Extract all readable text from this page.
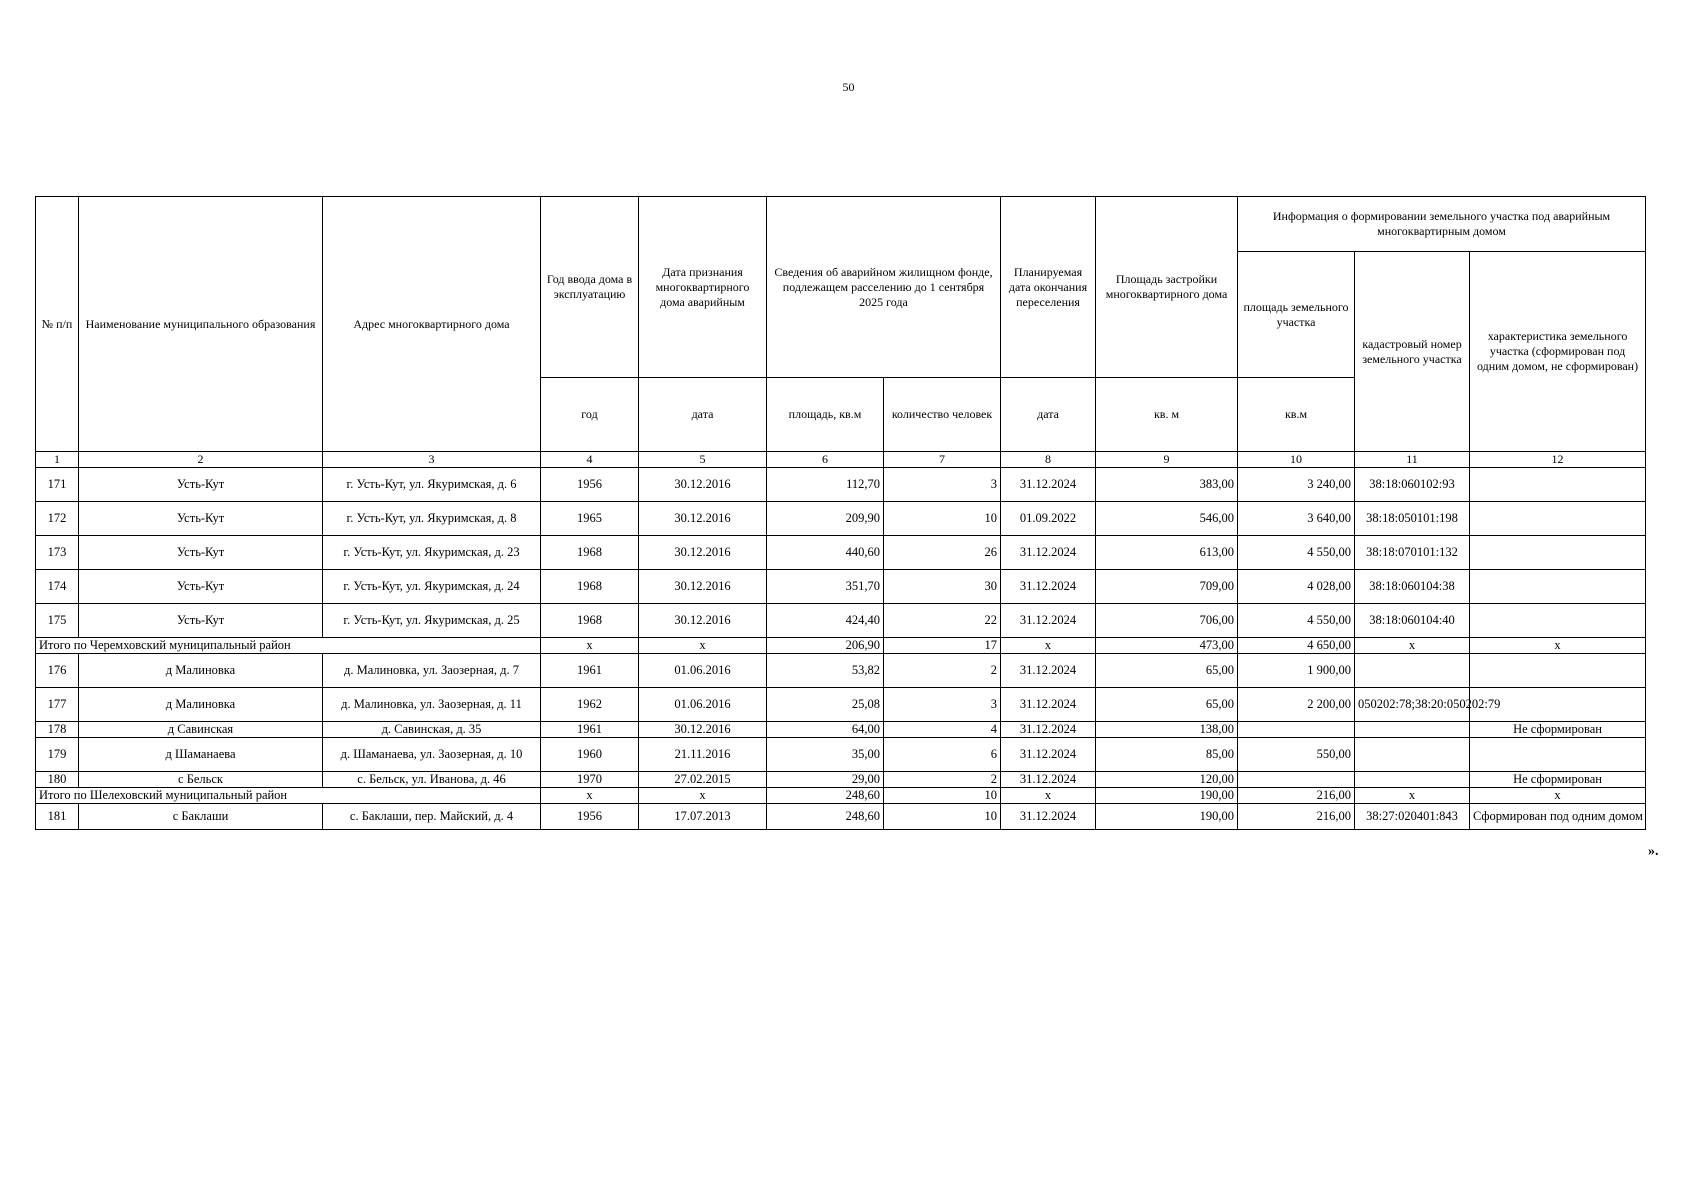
50
№ п/п	Наименование муниципального образования	Адрес многоквартирного дома	Год ввода дома в эксплуатацию	Дата признания многоквартирного дома аварийным	Сведения об аварийном жилищном фонде, подлежащем расселению до 1 сентября 2025 года		Планируемая дата окончания переселения	Площадь застройки многоквартирного дома	Информация о формировании земельного участка под аварийным многоквартирным домом		
									площадь земельного участка	кадастровый номер земельного участка	характеристика земельного участка (сформирован под одним домом, не сформирован)
			год	дата	площадь, кв.м	количество человек	дата	кв. м	кв.м		
1	2	3	4	5	6	7	8	9	10	11	12
171	Усть-Кут	г. Усть-Кут, ул. Якуримская, д. 6	1956	30.12.2016	112,70	3	31.12.2024	383,00	3 240,00	38:18:060102:93	
172	Усть-Кут	г. Усть-Кут, ул. Якуримская, д. 8	1965	30.12.2016	209,90	10	01.09.2022	546,00	3 640,00	38:18:050101:198	
173	Усть-Кут	г. Усть-Кут, ул. Якуримская, д. 23	1968	30.12.2016	440,60	26	31.12.2024	613,00	4 550,00	38:18:070101:132	
174	Усть-Кут	г. Усть-Кут, ул. Якуримская, д. 24	1968	30.12.2016	351,70	30	31.12.2024	709,00	4 028,00	38:18:060104:38	
175	Усть-Кут	г. Усть-Кут, ул. Якуримская, д. 25	1968	30.12.2016	424,40	22	31.12.2024	706,00	4 550,00	38:18:060104:40	
Итого по Черемховский муниципальный район			x	x	206,90	17	x	473,00	4 650,00	x	x
176	д Малиновка	д. Малиновка, ул. Заозерная, д. 7	1961	01.06.2016	53,82	2	31.12.2024	65,00	1 900,00		
177	д Малиновка	д. Малиновка, ул. Заозерная, д. 11	1962	01.06.2016	25,08	3	31.12.2024	65,00	2 200,00	050202:78;38:20:050202:79	
178	д Савинская	д. Савинская, д. 35	1961	30.12.2016	64,00	4	31.12.2024	138,00			Не сформирован
179	д Шаманаева	д. Шаманаева, ул. Заозерная, д. 10	1960	21.11.2016	35,00	6	31.12.2024	85,00	550,00		
180	с Бельск	с. Бельск, ул. Иванова, д. 46	1970	27.02.2015	29,00	2	31.12.2024	120,00			Не сформирован
Итого по Шелеховский муниципальный район			x	x	248,60	10	x	190,00	216,00	x	x
181	с Баклаши	с. Баклаши, пер. Майский, д. 4	1956	17.07.2013	248,60	10	31.12.2024	190,00	216,00	38:27:020401:843	Сформирован под одним домом
».
